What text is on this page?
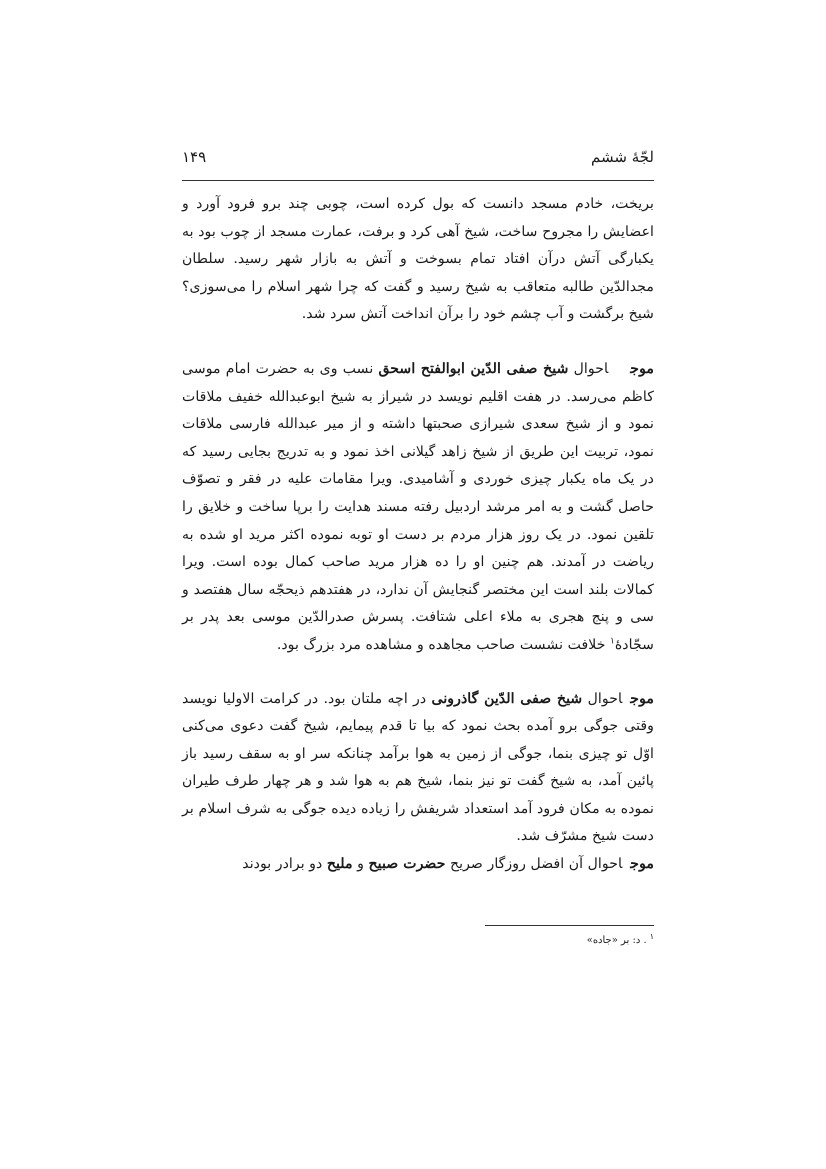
لجّهٔ ششم
۱۴۹

بریخت، خادم مسجد دانست که بول کرده است، چوبی چند برو فرود آورد و اعضایش را مجروح ساخت، شیخ آهی کرد و برفت، عمارت مسجد از چوب بود به یکبارگی آتش درآن افتاد تمام بسوخت و آتش به بازار شهر رسید. سلطان مجدالدّین طالبه متعاقب به شیخ رسید و گفت که چرا شهر اسلام را می‌سوزی؟ شیخ برگشت و آب چشم خود را برآن انداخت آتش سرد شد.

موجاحوال شیخ صفی الدّین ابوالفتح اسحق نسب وی به حضرت امام موسی کاظم می‌رسد. در هفت اقلیم نویسد در شیراز به شیخ ابوعبدالله خفیف ملاقات نمود و از شیخ سعدی شیرازی صحبتها داشته و از میر عبدالله فارسی ملاقات نمود، تربیت این طریق از شیخ زاهد گیلانی اخذ نمود و به تدریج بجایی رسید که در یک ماه یکبار چیزی خوردی و آشامیدی. ویرا مقامات علیه در فقر و تصوّف حاصل گشت و به امر مرشد اردبیل رفته مسند هدایت را برپا ساخت و خلایق را تلقین نمود. در یک روز هزار مردم بر دست او توبه نموده اکثر مرید او شده به ریاضت در آمدند. هم چنین او را ده هزار مرید صاحب کمال بوده است. ویرا کمالات بلند است این مختصر گنجایش آن ندارد، در هفتدهم ذیحجّه سال هفتصد و سی و پنج هجری به ملاء اعلی شتافت. پسرش صدرالدّین موسی بعد پدر بر سجّادهٔ$^۱$ خلافت نشست صاحب مجاهده و مشاهده مرد بزرگ بود.

موجاحوال شیخ صفی الدّین گاذرونی در اچه ملتان بود. در کرامت الاولیا نویسد وقتی جوگی برو آمده بحث نمود که بیا تا قدم پیمایم، شیخ گفت دعوی می‌کنی اوّل تو چیزی بنما، جوگی از زمین به هوا برآمد چنانکه سر او به سقف رسید باز پائین آمد، به شیخ گفت تو نیز بنما، شیخ هم به هوا شد و هر چهار طرف طیران نموده به مکان فرود آمد استعداد شریفش را زیاده دیده جوگی به شرف اسلام بر دست شیخ مشرّف شد.

موجاحوال آن افضل روزگار صریح حضرت صبیح و ملیح دو برادر بودند

$^۱$. د: بر «جاده»
